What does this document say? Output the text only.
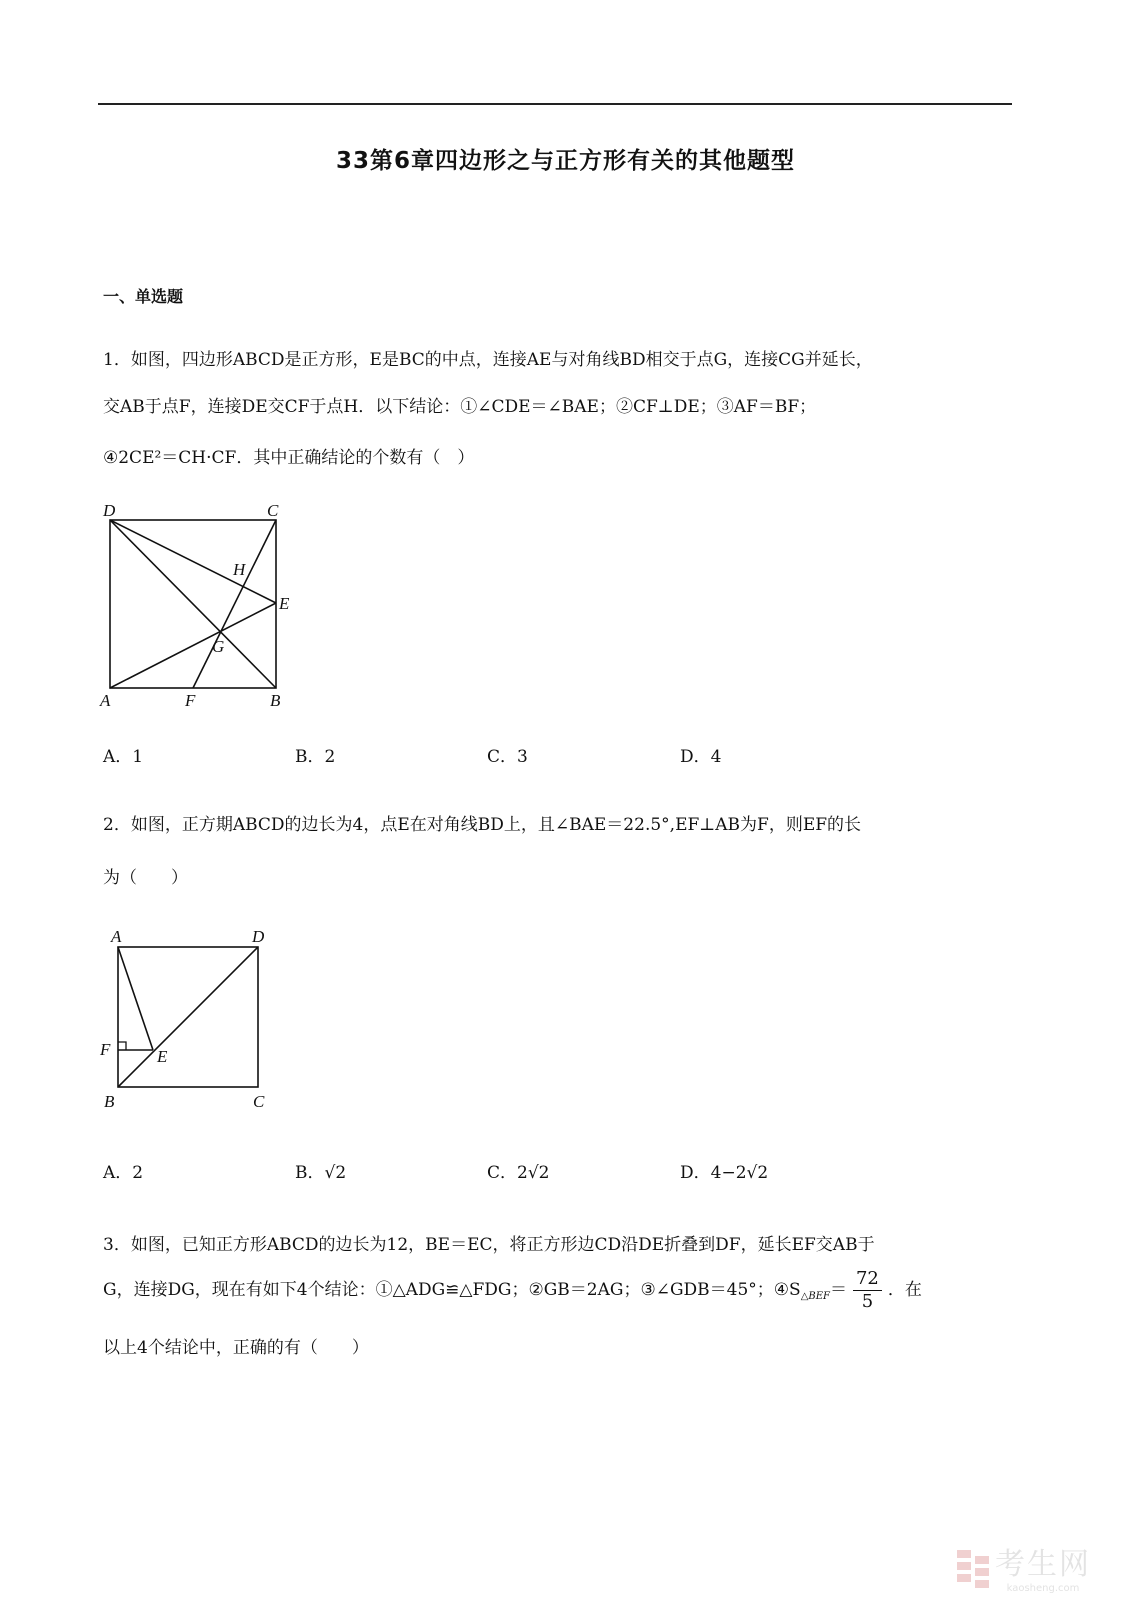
33第6章四边形之与正方形有关的其他题型
一、单选题
1．如图，四边形ABCD是正方形，E是BC的中点，连接AE与对角线BD相交于点G，连接CG并延长，
交AB于点F，连接DE交CF于点H．以下结论：①∠CDE＝∠BAE；②CF⊥DE；③AF＝BF；
④2CE²＝CH·CF．其中正确结论的个数有（　）
D	C
H
E
G
A	F	B
A．1	B．2	C．3	D．4
2．如图，正方期ABCD的边长为4，点E在对角线BD上，且∠BAE＝22.5°,EF⊥AB为F，则EF的长
为（　　）
A	D
F	E
B	C
A．2	B．√2	C．2√2	D．4−2√2
3．如图，已知正方形ABCD的边长为12，BE＝EC，将正方形边CD沿DE折叠到DF，延长EF交AB于
G，连接DG，现在有如下4个结论：①△ADG≌△FDG；②GB＝2AG；③∠GDB＝45°；$④S_{\triangle BEF}= \frac{72}{5}$ ．在
以上4个结论中，正确的有（　　）
考生网
kaosheng.com
